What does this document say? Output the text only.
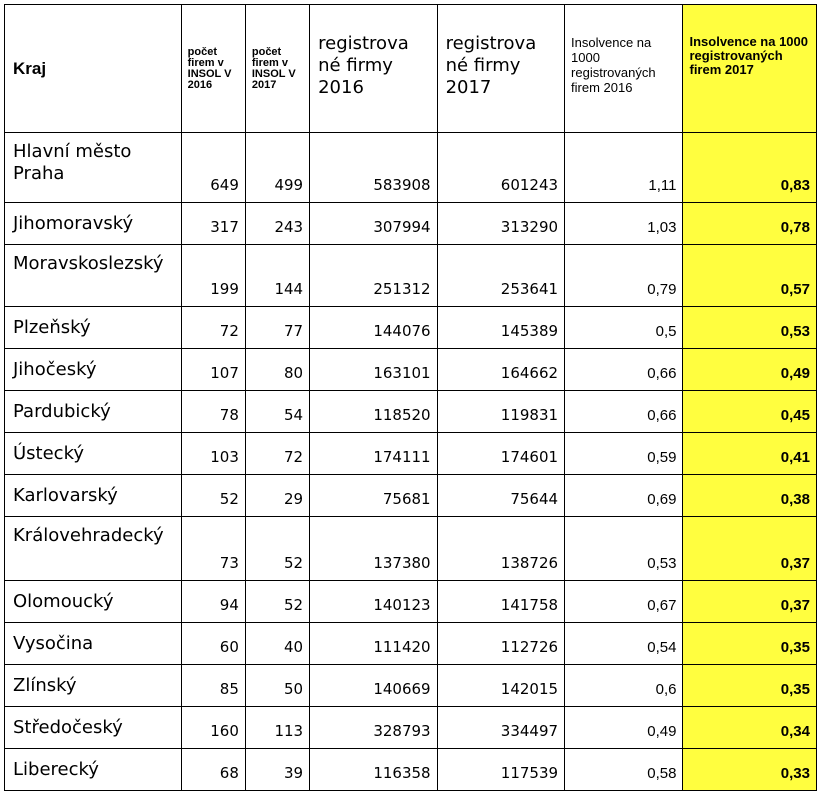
Kraj	počet firem v INSOL V 2016	počet firem v INSOL V 2017	registrova né firmy 2016	registrova né firmy 2017	Insolvence na 1000 registrovaných firem 2016	Insolvence na 1000 registrovaných firem 2017
Hlavní město Praha	649	499	583908	601243	1,11	0,83
Jihomoravský	317	243	307994	313290	1,03	0,78
Moravskoslezský	199	144	251312	253641	0,79	0,57
Plzeňský	72	77	144076	145389	0,5	0,53
Jihočeský	107	80	163101	164662	0,66	0,49
Pardubický	78	54	118520	119831	0,66	0,45
Ústecký	103	72	174111	174601	0,59	0,41
Karlovarský	52	29	75681	75644	0,69	0,38
Královehradecký	73	52	137380	138726	0,53	0,37
Olomoucký	94	52	140123	141758	0,67	0,37
Vysočina	60	40	111420	112726	0,54	0,35
Zlínský	85	50	140669	142015	0,6	0,35
Středočeský	160	113	328793	334497	0,49	0,34
Liberecký	68	39	116358	117539	0,58	0,33
